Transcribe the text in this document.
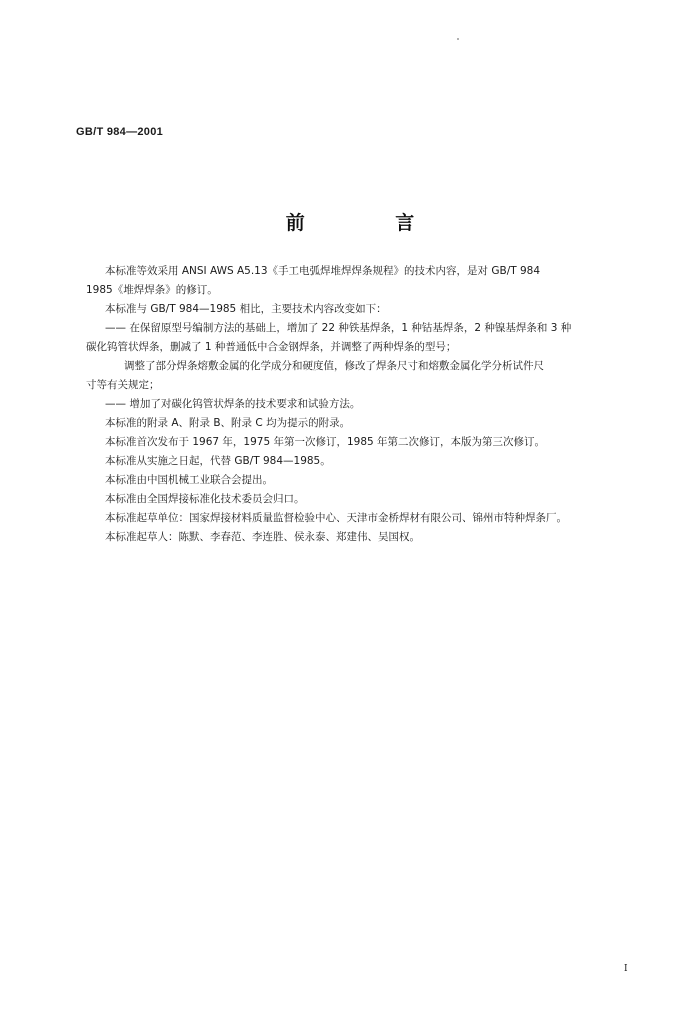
GB/T 984—2001
前 言

本标准等效采用 ANSI AWS A5.13《手工电弧焊堆焊焊条规程》的技术内容，是对 GB/T 984

1985《堆焊焊条》的修订。

本标准与 GB/T 984—1985 相比，主要技术内容改变如下：

—— 在保留原型号编制方法的基础上，增加了 22 种铁基焊条，1 种钴基焊条，2 种镍基焊条和 3 种

碳化钨管状焊条，删减了 1 种普通低中合金钢焊条，并调整了两种焊条的型号；

调整了部分焊条熔敷金属的化学成分和硬度值，修改了焊条尺寸和熔敷金属化学分析试件尺

寸等有关规定；

—— 增加了对碳化钨管状焊条的技术要求和试验方法。

本标准的附录 A、附录 B、附录 C 均为提示的附录。

本标准首次发布于 1967 年，1975 年第一次修订，1985 年第二次修订，本版为第三次修订。

本标准从实施之日起，代替 GB/T 984—1985。

本标准由中国机械工业联合会提出。

本标准由全国焊接标准化技术委员会归口。

本标准起草单位：国家焊接材料质量监督检验中心、天津市金桥焊材有限公司、锦州市特种焊条厂。

本标准起草人：陈默、李春范、李连胜、侯永泰、郑建伟、吴国权。

I
